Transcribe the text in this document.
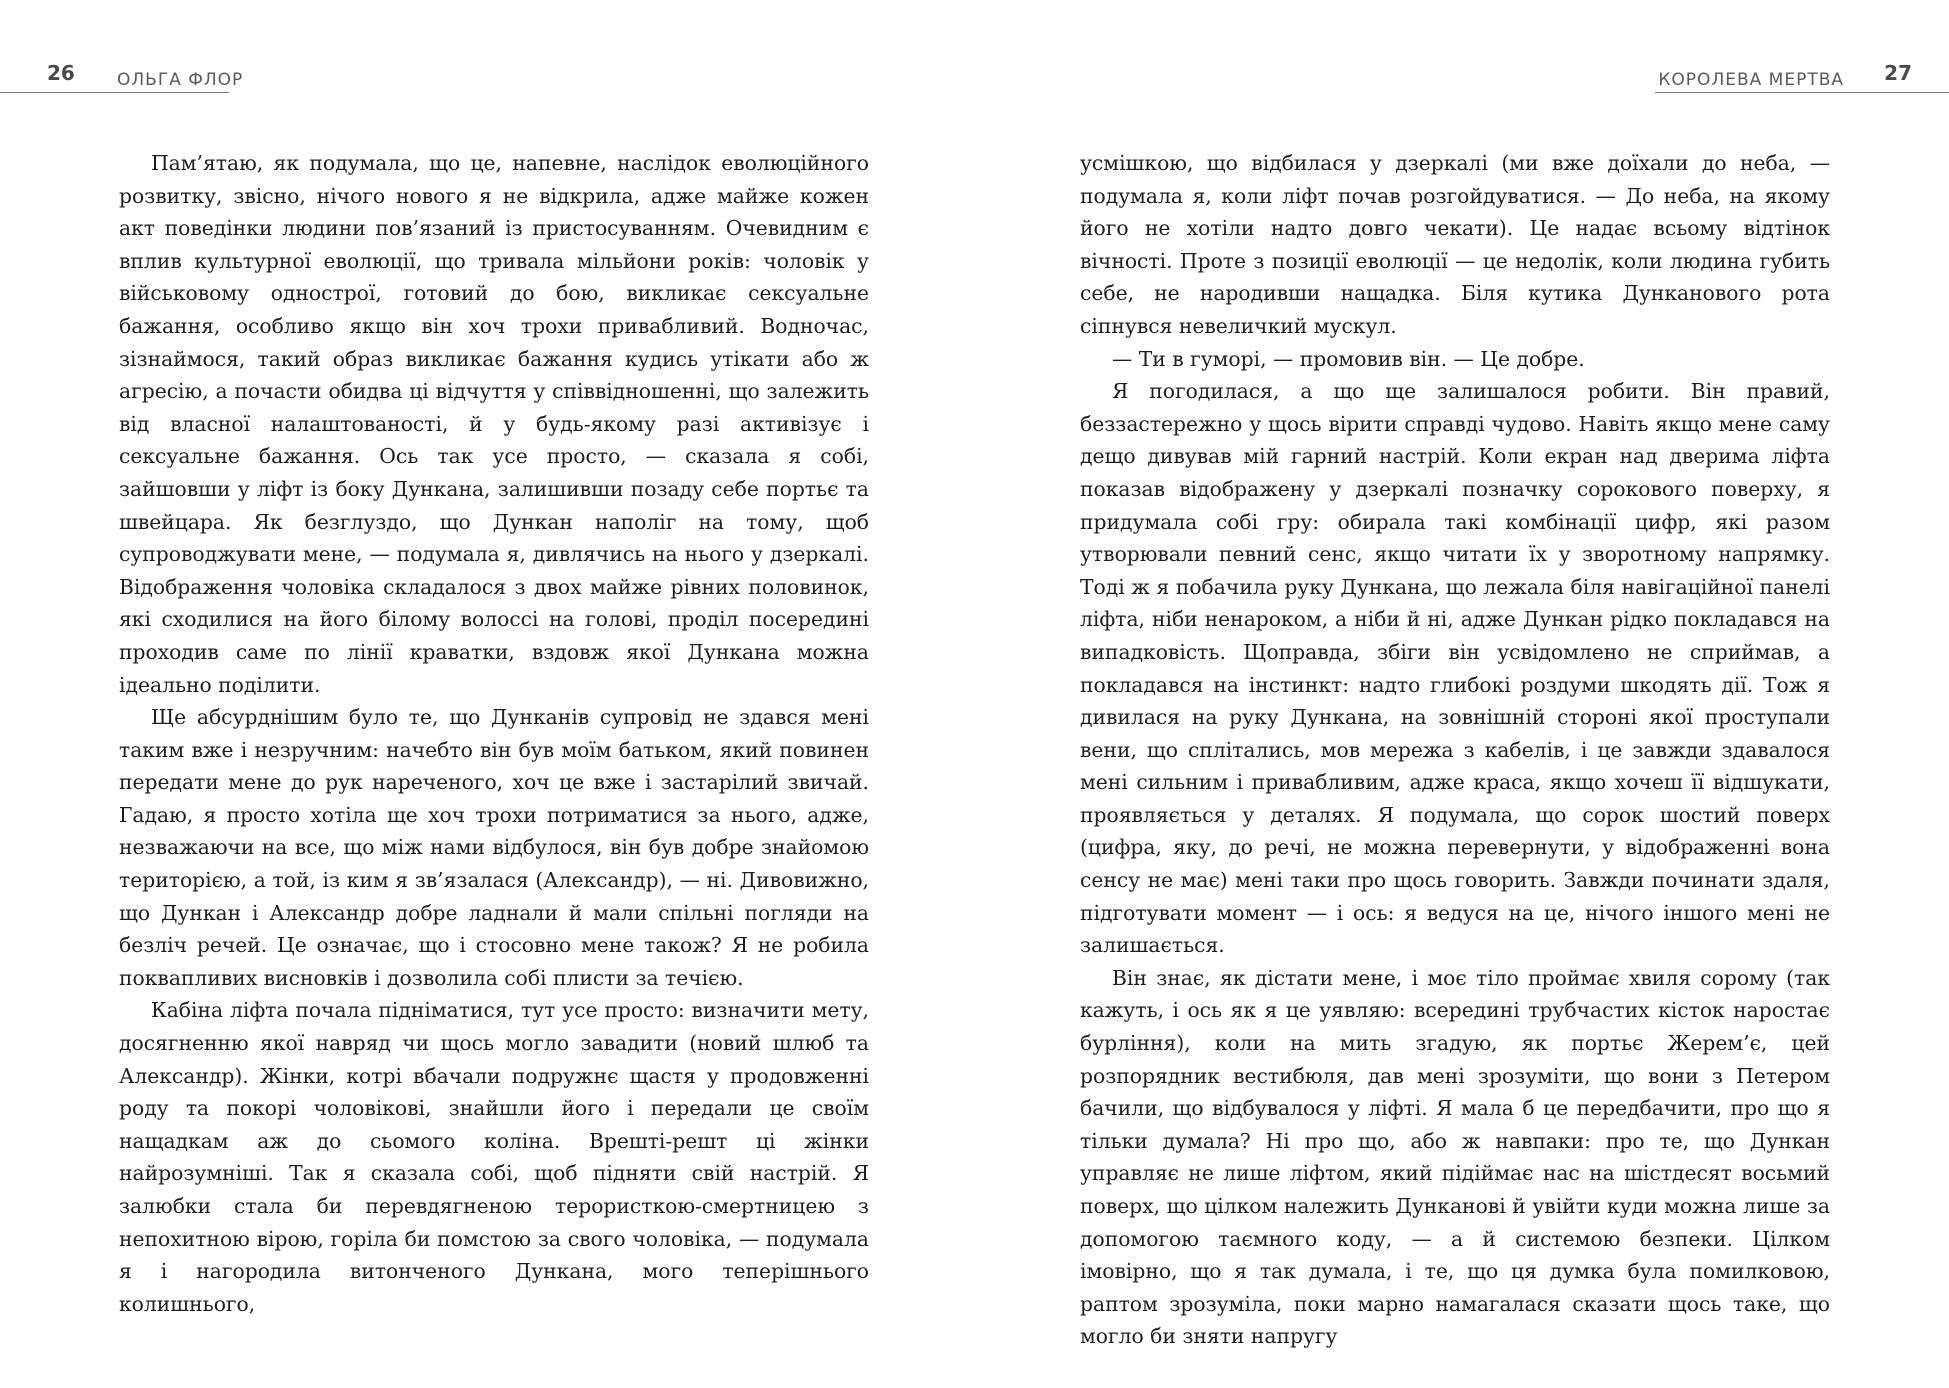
26 ОЛЬГА ФЛОР

Пам’ятаю, як подумала, що це, напевне, наслідок еволюційного розвитку, звісно, нічого нового я не відкрила, адже майже кожен акт поведінки людини пов’язаний із пристосуванням. Очевидним є вплив культурної еволюції, що тривала мільйони років: чоловік у військовому однострої, готовий до бою, викликає сексуальне бажання, особливо якщо він хоч трохи привабливий. Водночас, зізнаймося, такий образ викликає бажання кудись утікати або ж агресію, а почасти обидва ці відчуття у співвідношенні, що залежить від власної налаштованості, й у будь-якому разі активізує і сексуальне бажання. Ось так усе просто, — сказала я собі, зайшовши у ліфт із боку Дункана, залишивши позаду себе портьє та швейцара. Як безглуздо, що Дункан наполіг на тому, щоб супроводжувати мене, — подумала я, дивлячись на нього у дзеркалі. Відображення чоловіка складалося з двох майже рівних половинок, які сходилися на його білому волоссі на голові, проділ посередині проходив саме по лінії краватки, вздовж якої Дункана можна ідеально поділити.

Ще абсурднішим було те, що Дунканів супровід не здався мені таким вже і незручним: начебто він був моїм батьком, який повинен передати мене до рук нареченого, хоч це вже і застарілий звичай. Гадаю, я просто хотіла ще хоч трохи потриматися за нього, адже, незважаючи на все, що між нами відбулося, він був добре знайомою територією, а той, із ким я зв’язалася (Александр), — ні. Дивовижно, що Дункан і Александр добре ладнали й мали спільні погляди на безліч речей. Це означає, що і стосовно мене також? Я не робила поквапливих висновків і дозволила собі плисти за течією.

Кабіна ліфта почала підніматися, тут усе просто: визначити мету, досягненню якої навряд чи щось могло завадити (новий шлюб та Александр). Жінки, котрі вбачали подружнє щастя у продовженні роду та покорі чоловікові, знайшли його і передали це своїм нащадкам аж до сьомого коліна. Врешті-решт ці жінки найрозумніші. Так я сказала собі, щоб підняти свій настрій. Я залюбки стала би перевдягненою терористкою-смертницею з непохитною вірою, горіла би помстою за свого чоловіка, — подумала я і нагородила витонченого Дункана, мого теперішнього колишнього,

КОРОЛЕВА МЕРТВА 27

усмішкою, що відбилася у дзеркалі (ми вже доїхали до неба, — подумала я, коли ліфт почав розгойдуватися. — До неба, на якому його не хотіли надто довго чекати). Це надає всьому відтінок вічності. Проте з позиції еволюції — це недолік, коли людина губить себе, не народивши нащадка. Біля кутика Дунканового рота сіпнувся невеличкий мускул.

— Ти в гуморі, — промовив він. — Це добре.

Я погодилася, а що ще залишалося робити. Він правий, беззастережно у щось вірити справді чудово. Навіть якщо мене саму дещо дивував мій гарний настрій. Коли екран над дверима ліфта показав відображену у дзеркалі позначку сорокового поверху, я придумала собі гру: обирала такі комбінації цифр, які разом утворювали певний сенс, якщо читати їх у зворотному напрямку. Тоді ж я побачила руку Дункана, що лежала біля навігаційної панелі ліфта, ніби ненароком, а ніби й ні, адже Дункан рідко покладався на випадковість. Щоправда, збіги він усвідомлено не сприймав, а покладався на інстинкт: надто глибокі роздуми шкодять дії. Тож я дивилася на руку Дункана, на зовнішній стороні якої проступали вени, що сплітались, мов мережа з кабелів, і це завжди здавалося мені сильним і привабливим, адже краса, якщо хочеш її відшукати, проявляється у деталях. Я подумала, що сорок шостий поверх (цифра, яку, до речі, не можна перевернути, у відображенні вона сенсу не має) мені таки про щось говорить. Завжди починати здаля, підготувати момент — і ось: я ведуся на це, нічого іншого мені не залишається.

Він знає, як дістати мене, і моє тіло проймає хвиля сорому (так кажуть, і ось як я це уявляю: всередині трубчастих кісток наростає бурління), коли на мить згадую, як портьє Жерем’є, цей розпорядник вестибюля, дав мені зрозуміти, що вони з Петером бачили, що відбувалося у ліфті. Я мала б це передбачити, про що я тільки думала? Ні про що, або ж навпаки: про те, що Дункан управляє не лише ліфтом, який підіймає нас на шістдесят восьмий поверх, що цілком належить Дунканові й увійти куди можна лише за допомогою таємного коду, — а й системою безпеки. Цілком імовірно, що я так думала, і те, що ця думка була помилковою, раптом зрозуміла, поки марно намагалася сказати щось таке, що могло би зняти напругу
